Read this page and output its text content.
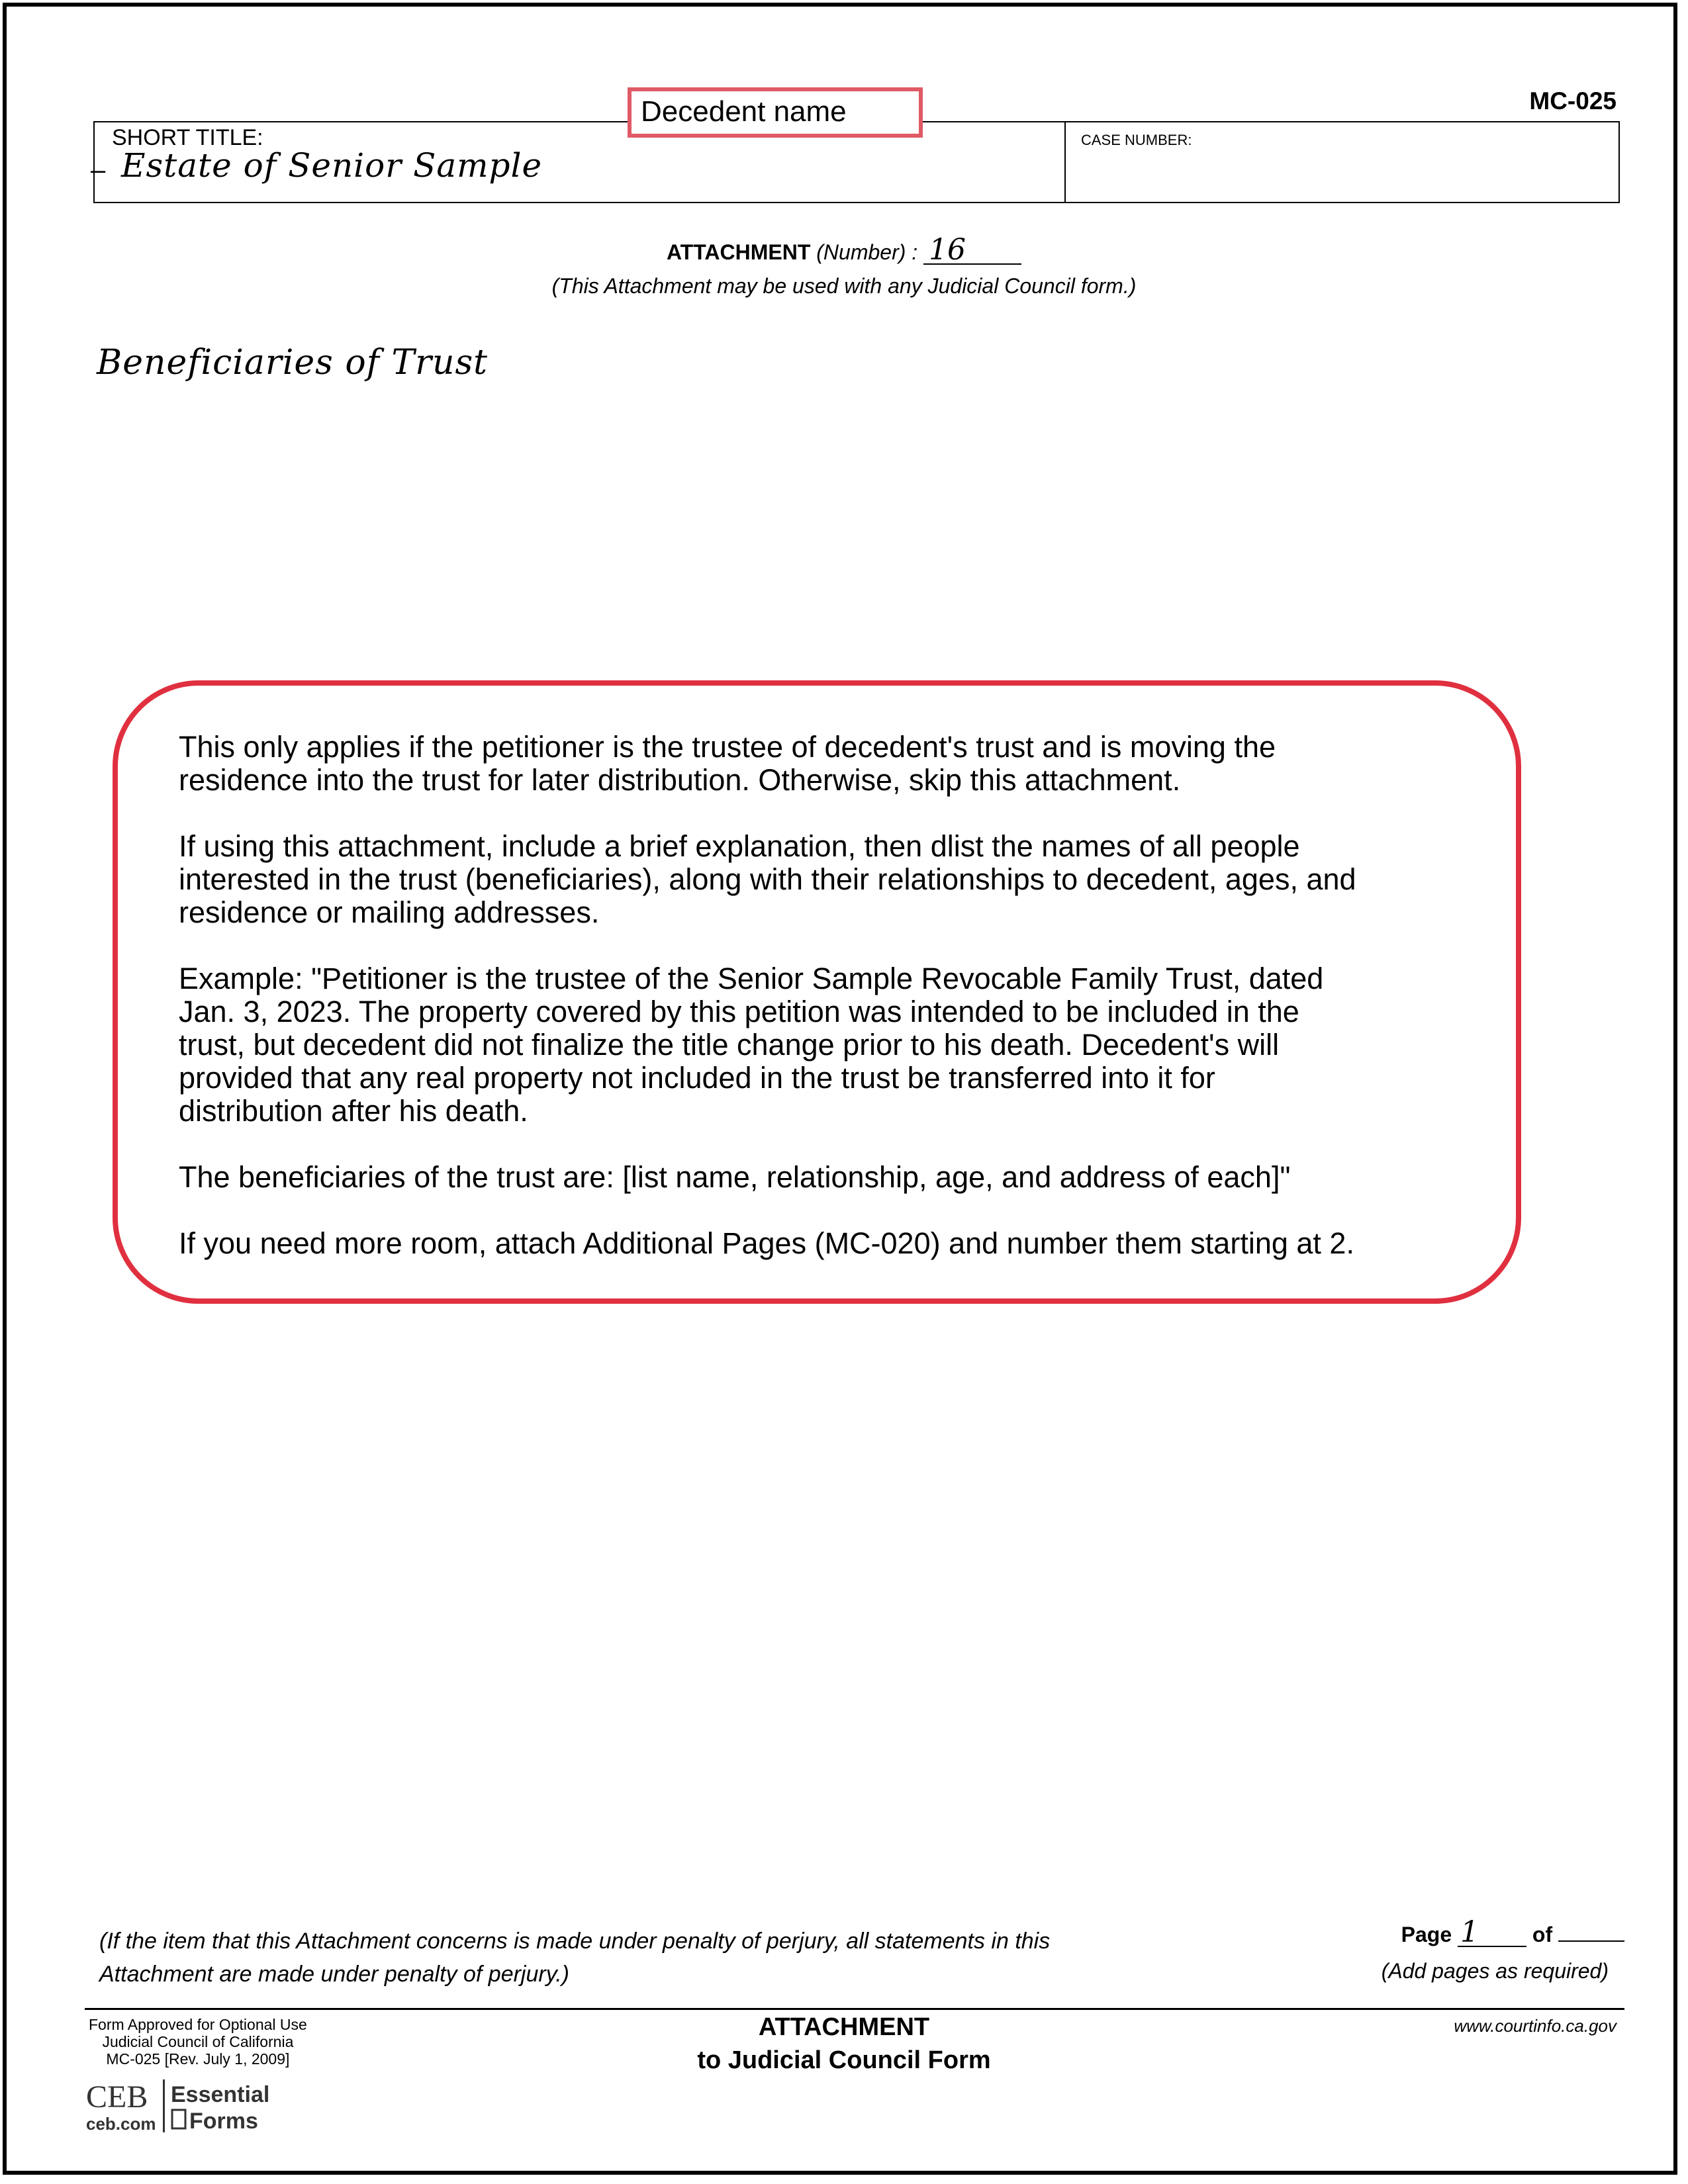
MC-025
SHORT TITLE:
– Estate of Senior Sample
CASE NUMBER:
Decedent name
ATTACHMENT (Number) : 16
(This Attachment may be used with any Judicial Council form.)
Beneficiaries of Trust

This only applies if the petitioner is the trustee of decedent's trust and is moving the
residence into the trust for later distribution. Otherwise, skip this attachment.

If using this attachment, include a brief explanation, then dlist the names of all people
interested in the trust (beneficiaries), along with their relationships to decedent, ages, and
residence or mailing addresses.

Example: "Petitioner is the trustee of the Senior Sample Revocable Family Trust, dated
Jan. 3, 2023. The property covered by this petition was intended to be included in the
trust, but decedent did not finalize the title change prior to his death. Decedent's will
provided that any real property not included in the trust be transferred into it for
distribution after his death.

The beneficiaries of the trust are: [list name, relationship, age, and address of each]"

If you need more room, attach Additional Pages (MC-020) and number them starting at 2.

(If the item that this Attachment concerns is made under penalty of perjury, all statements in this
Attachment are made under penalty of perjury.)
Page 1	of
(Add pages as required)
Form Approved for Optional Use
Judicial Council of California
MC-025 [Rev. July 1, 2009]
ATTACHMENT
to Judicial Council Form
www.courtinfo.ca.gov
CEB
ceb.com
Essential
Forms
